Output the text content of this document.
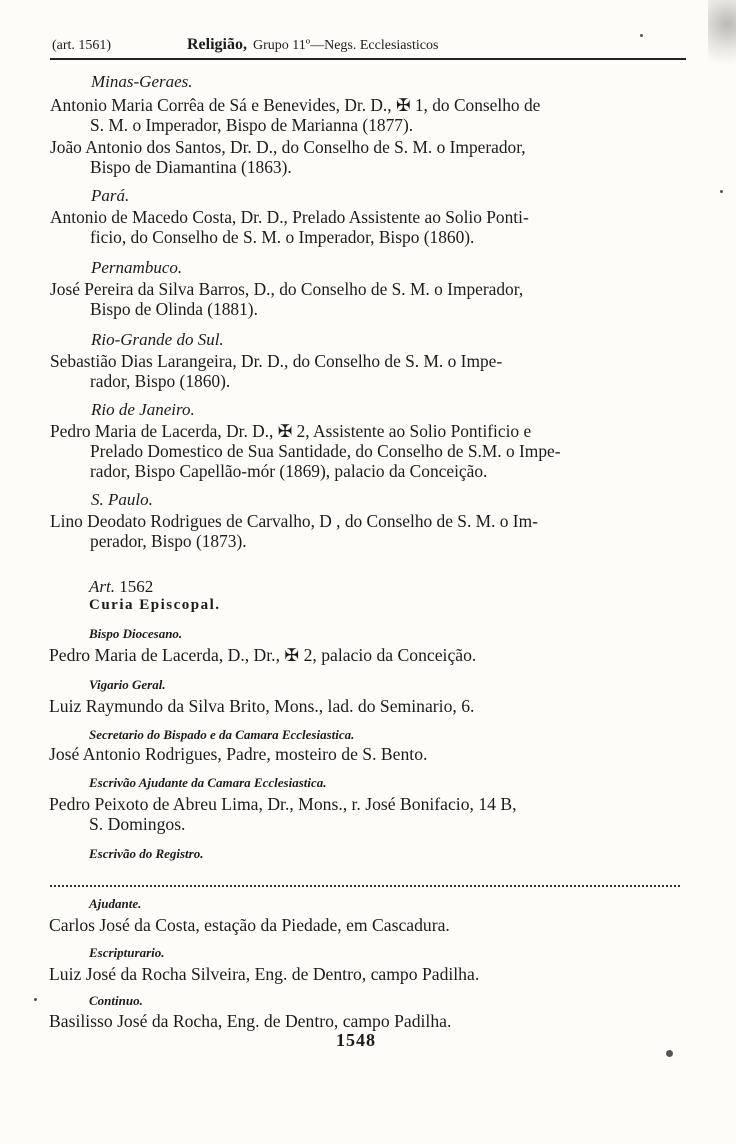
(art. 1561)	Religião, Grupo 11º—Negs. Ecclesiasticos
Minas-Geraes.
Antonio Maria Corrêa de Sá e Benevides, Dr. D., ✠ 1, do Conselho de
S. M. o Imperador, Bispo de Marianna (1877).
João Antonio dos Santos, Dr. D., do Conselho de S. M. o Imperador,
Bispo de Diamantina (1863).
Pará.
Antonio de Macedo Costa, Dr. D., Prelado Assistente ao Solio Ponti-
ficio, do Conselho de S. M. o Imperador, Bispo (1860).
Pernambuco.
José Pereira da Silva Barros, D., do Conselho de S. M. o Imperador,
Bispo de Olinda (1881).
Rio-Grande do Sul.
Sebastião Dias Larangeira, Dr. D., do Conselho de S. M. o Impe-
rador, Bispo (1860).
Rio de Janeiro.
Pedro Maria de Lacerda, Dr. D., ✠ 2, Assistente ao Solio Pontificio e
Prelado Domestico de Sua Santidade, do Conselho de S.M. o Impe-
rador, Bispo Capellão-mór (1869), palacio da Conceição.
S. Paulo.
Lino Deodato Rodrigues de Carvalho, D , do Conselho de S. M. o Im-
perador, Bispo (1873).
Art. 1562
Curia Episcopal.
Bispo Diocesano.
Pedro Maria de Lacerda, D., Dr., ✠ 2, palacio da Conceição.
Vigario Geral.
Luiz Raymundo da Silva Brito, Mons., lad. do Seminario, 6.
Secretario do Bispado e da Camara Ecclesiastica.
José Antonio Rodrigues, Padre, mosteiro de S. Bento.
Escrivão Ajudante da Camara Ecclesiastica.
Pedro Peixoto de Abreu Lima, Dr., Mons., r. José Bonifacio, 14 B,
S. Domingos.
Escrivão do Registro.
Ajudante.
Carlos José da Costa, estação da Piedade, em Cascadura.
Escripturario.
Luiz José da Rocha Silveira, Eng. de Dentro, campo Padilha.
Continuo.
Basilisso José da Rocha, Eng. de Dentro, campo Padilha.
1548
